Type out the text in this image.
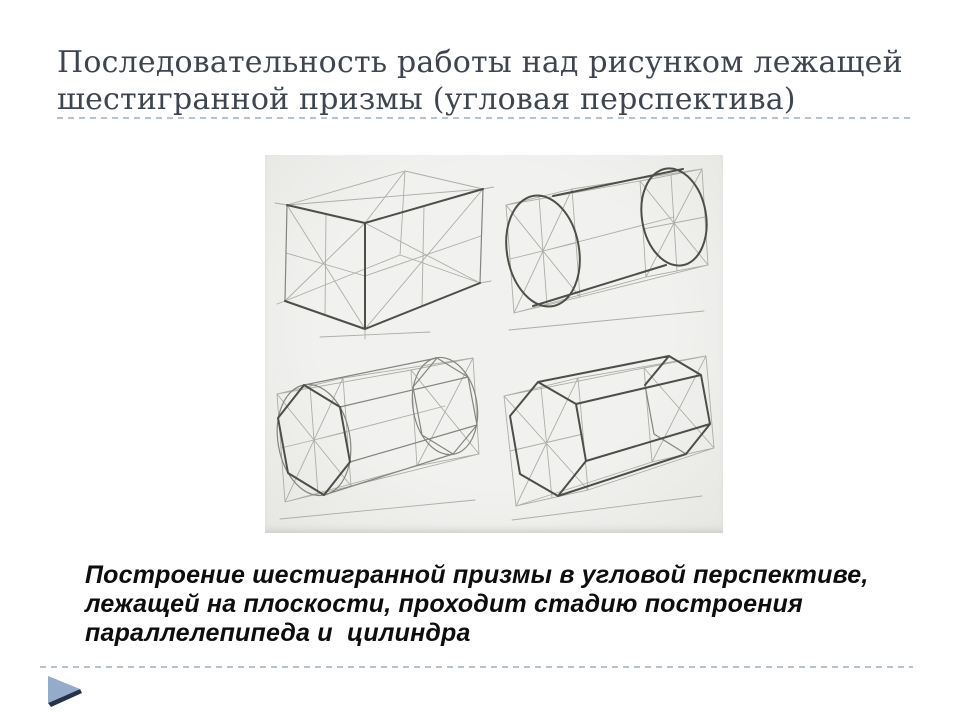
Последовательность работы над рисунком лежащей
шестигранной призмы (угловая перспектива)
Построение шестигранной призмы в угловой перспективе,
лежащей на плоскости, проходит стадию построения
параллелепипеда и  цилиндра
